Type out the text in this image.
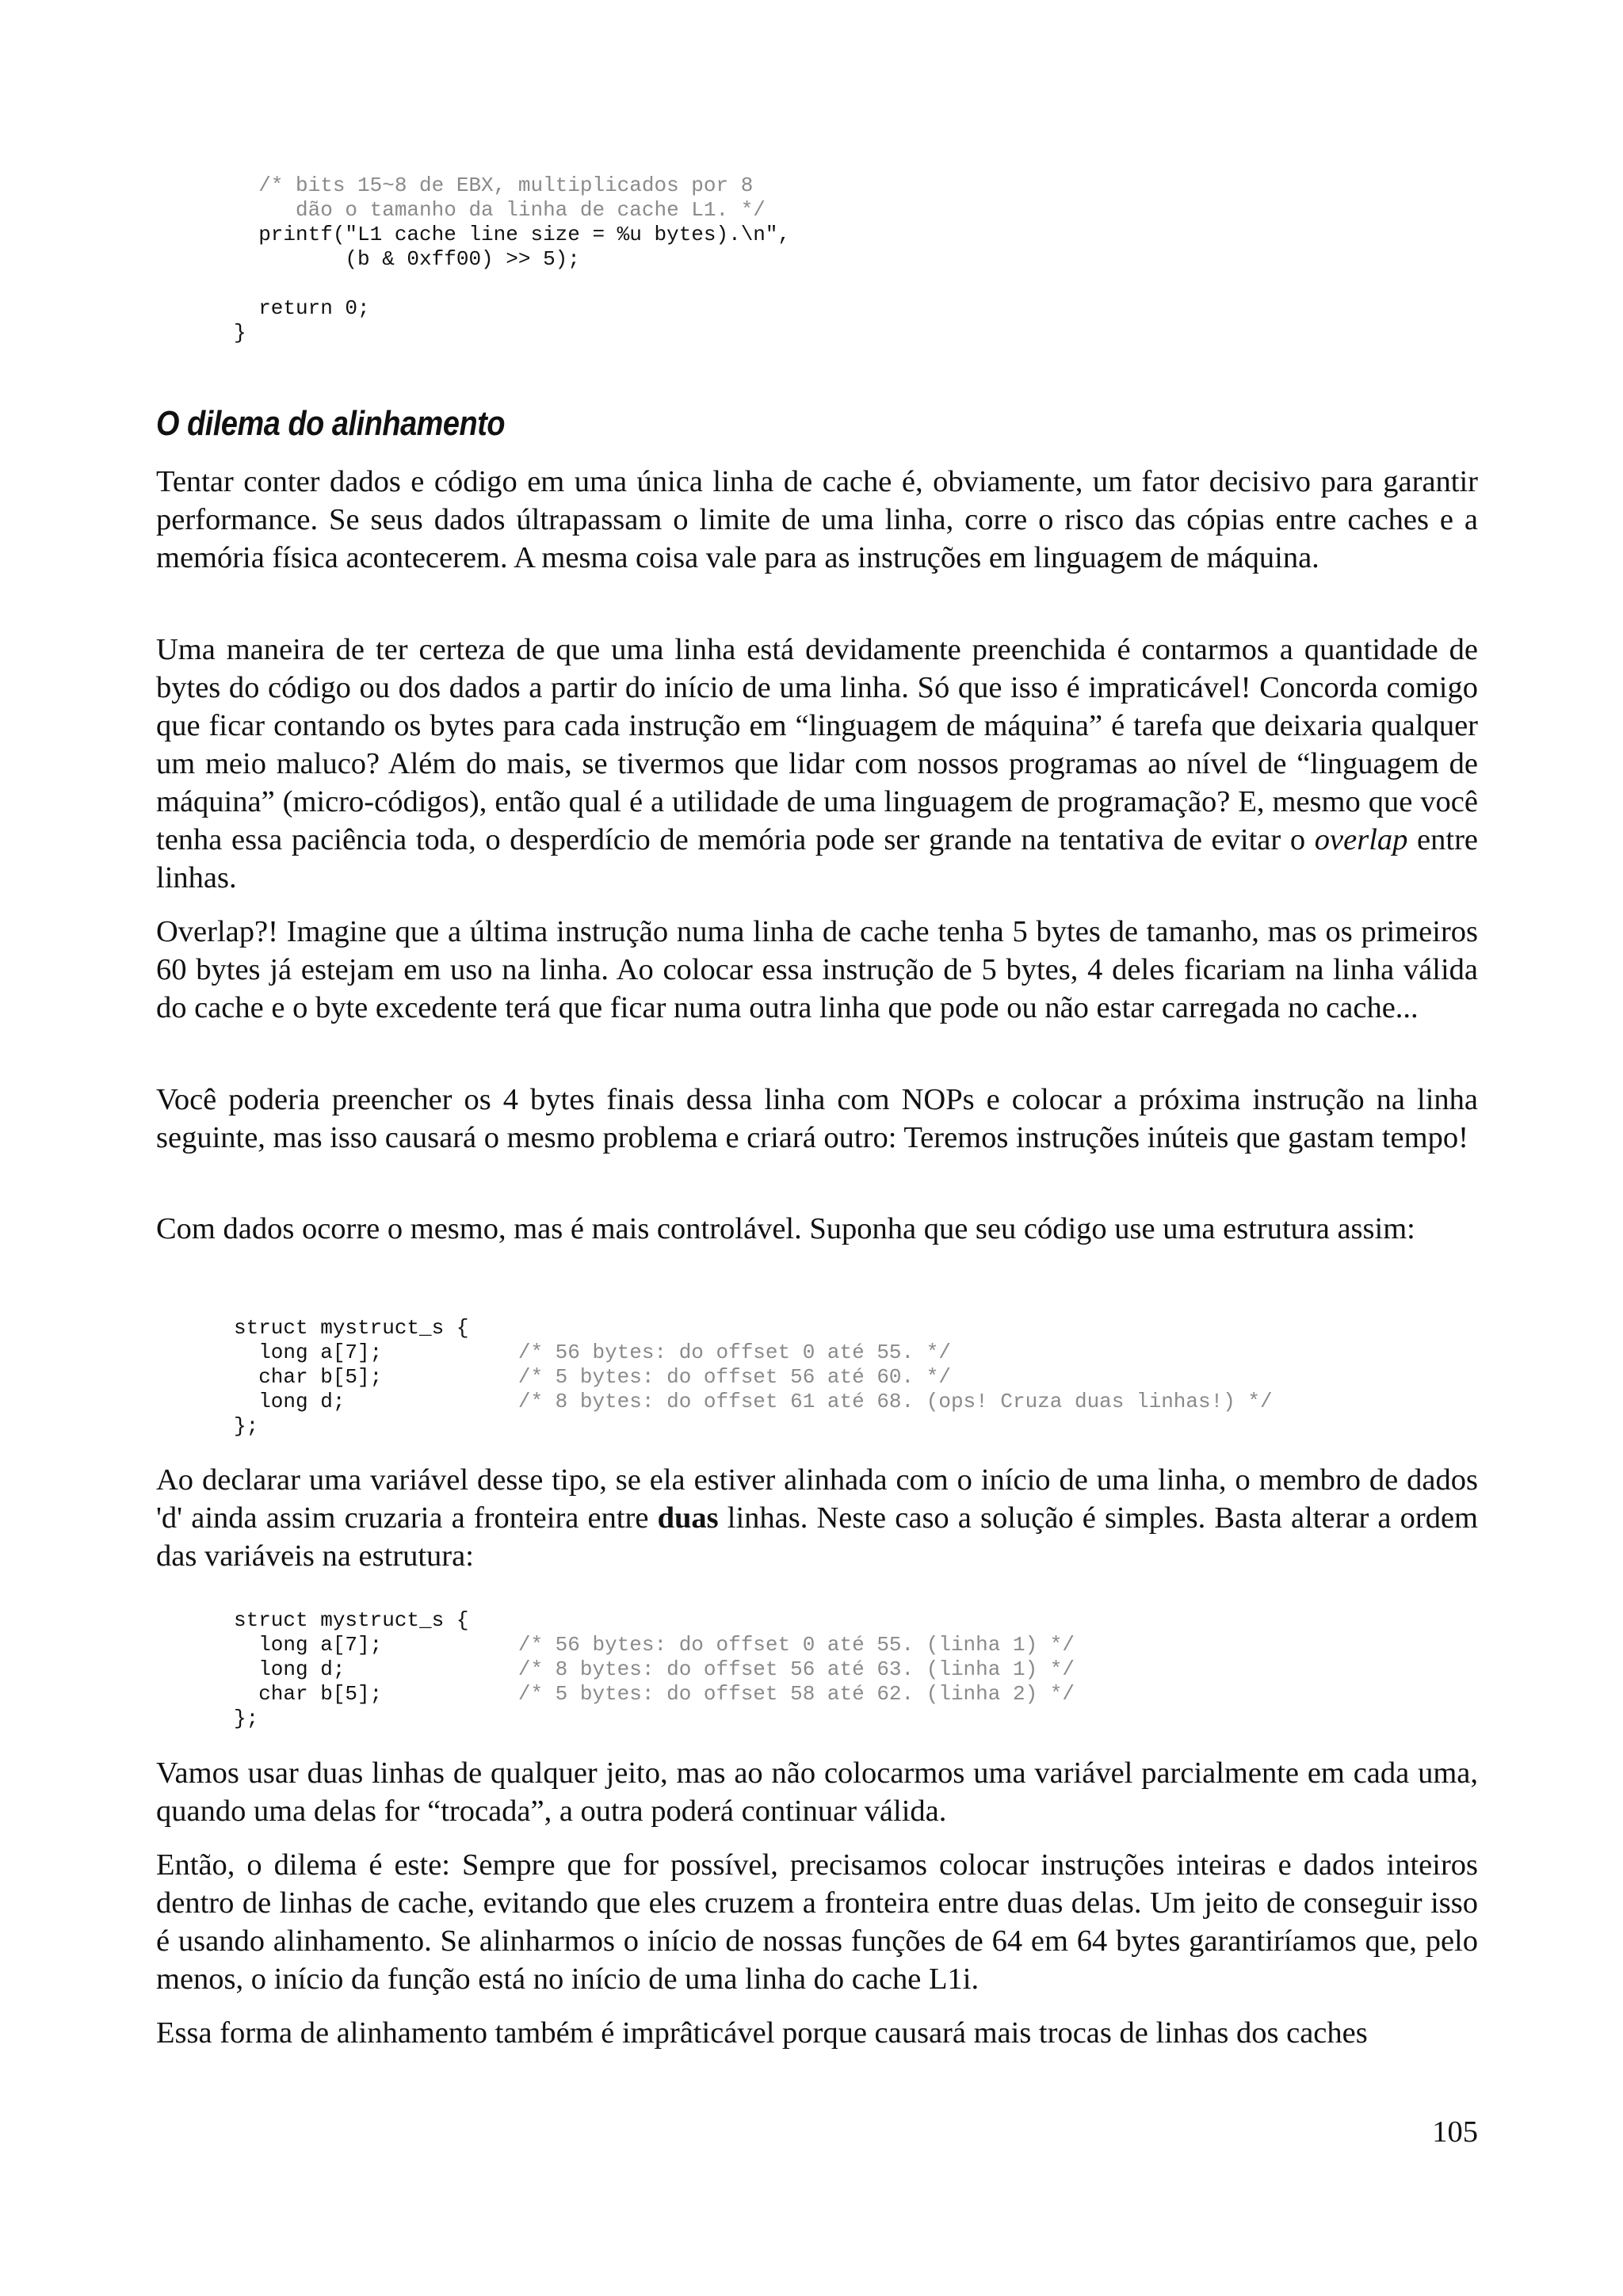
/* bits 15~8 de EBX, multiplicados por 8
dão o tamanho da linha de cache L1. */
printf("L1 cache line size = %u bytes).\n",
(b & 0xff00) >> 5);
return 0;
}
O dilema do alinhamento

Tentar conter dados e código em uma única linha de cache é, obviamente, um fator decisivo para garantir performance. Se seus dados últrapassam o limite de uma linha, corre o risco das cópias entre caches e a memória física acontecerem. A mesma coisa vale para as instruções em linguagem de máquina.

Uma maneira de ter certeza de que uma linha está devidamente preenchida é contarmos a quantidade de bytes do código ou dos dados a partir do início de uma linha. Só que isso é impraticável! Concorda comigo que ficar contando os bytes para cada instrução em “linguagem de máquina” é tarefa que deixaria qualquer um meio maluco? Além do mais, se tivermos que lidar com nossos programas ao nível de “linguagem de máquina” (micro-códigos), então qual é a utilidade de uma linguagem de programação? E, mesmo que você tenha essa paciência toda, o desperdício de memória pode ser grande na tentativa de evitar o overlap entre linhas.

Overlap?! Imagine que a última instrução numa linha de cache tenha 5 bytes de tamanho, mas os primeiros 60 bytes já estejam em uso na linha. Ao colocar essa instrução de 5 bytes, 4 deles ficariam na linha válida do cache e o byte excedente terá que ficar numa outra linha que pode ou não estar carregada no cache...

Você poderia preencher os 4 bytes finais dessa linha com NOPs e colocar a próxima instrução na linha seguinte, mas isso causará o mesmo problema e criará outro: Teremos instruções inúteis que gastam tempo!

Com dados ocorre o mesmo, mas é mais controlável. Suponha que seu código use uma estrutura assim:

struct mystruct_s {
long a[7];           /* 56 bytes: do offset 0 até 55. */
char b[5];           /* 5 bytes: do offset 56 até 60. */
long d;              /* 8 bytes: do offset 61 até 68. (ops! Cruza duas linhas!) */
};

Ao declarar uma variável desse tipo, se ela estiver alinhada com o início de uma linha, o membro de dados 'd' ainda assim cruzaria a fronteira entre duas linhas. Neste caso a solução é simples. Basta alterar a ordem das variáveis na estrutura:

struct mystruct_s {
long a[7];           /* 56 bytes: do offset 0 até 55. (linha 1) */
long d;              /* 8 bytes: do offset 56 até 63. (linha 1) */
char b[5];           /* 5 bytes: do offset 58 até 62. (linha 2) */
};

Vamos usar duas linhas de qualquer jeito, mas ao não colocarmos uma variável parcialmente em cada uma, quando uma delas for “trocada”, a outra poderá continuar válida.

Então, o dilema é este: Sempre que for possível, precisamos colocar instruções inteiras e dados inteiros dentro de linhas de cache, evitando que eles cruzem a fronteira entre duas delas. Um jeito de conseguir isso é usando alinhamento. Se alinharmos o início de nossas funções de 64 em 64 bytes garantiríamos que, pelo menos, o início da função está no início de uma linha do cache L1i.

Essa forma de alinhamento também é imprâticável porque causará mais trocas de linhas dos caches

105
